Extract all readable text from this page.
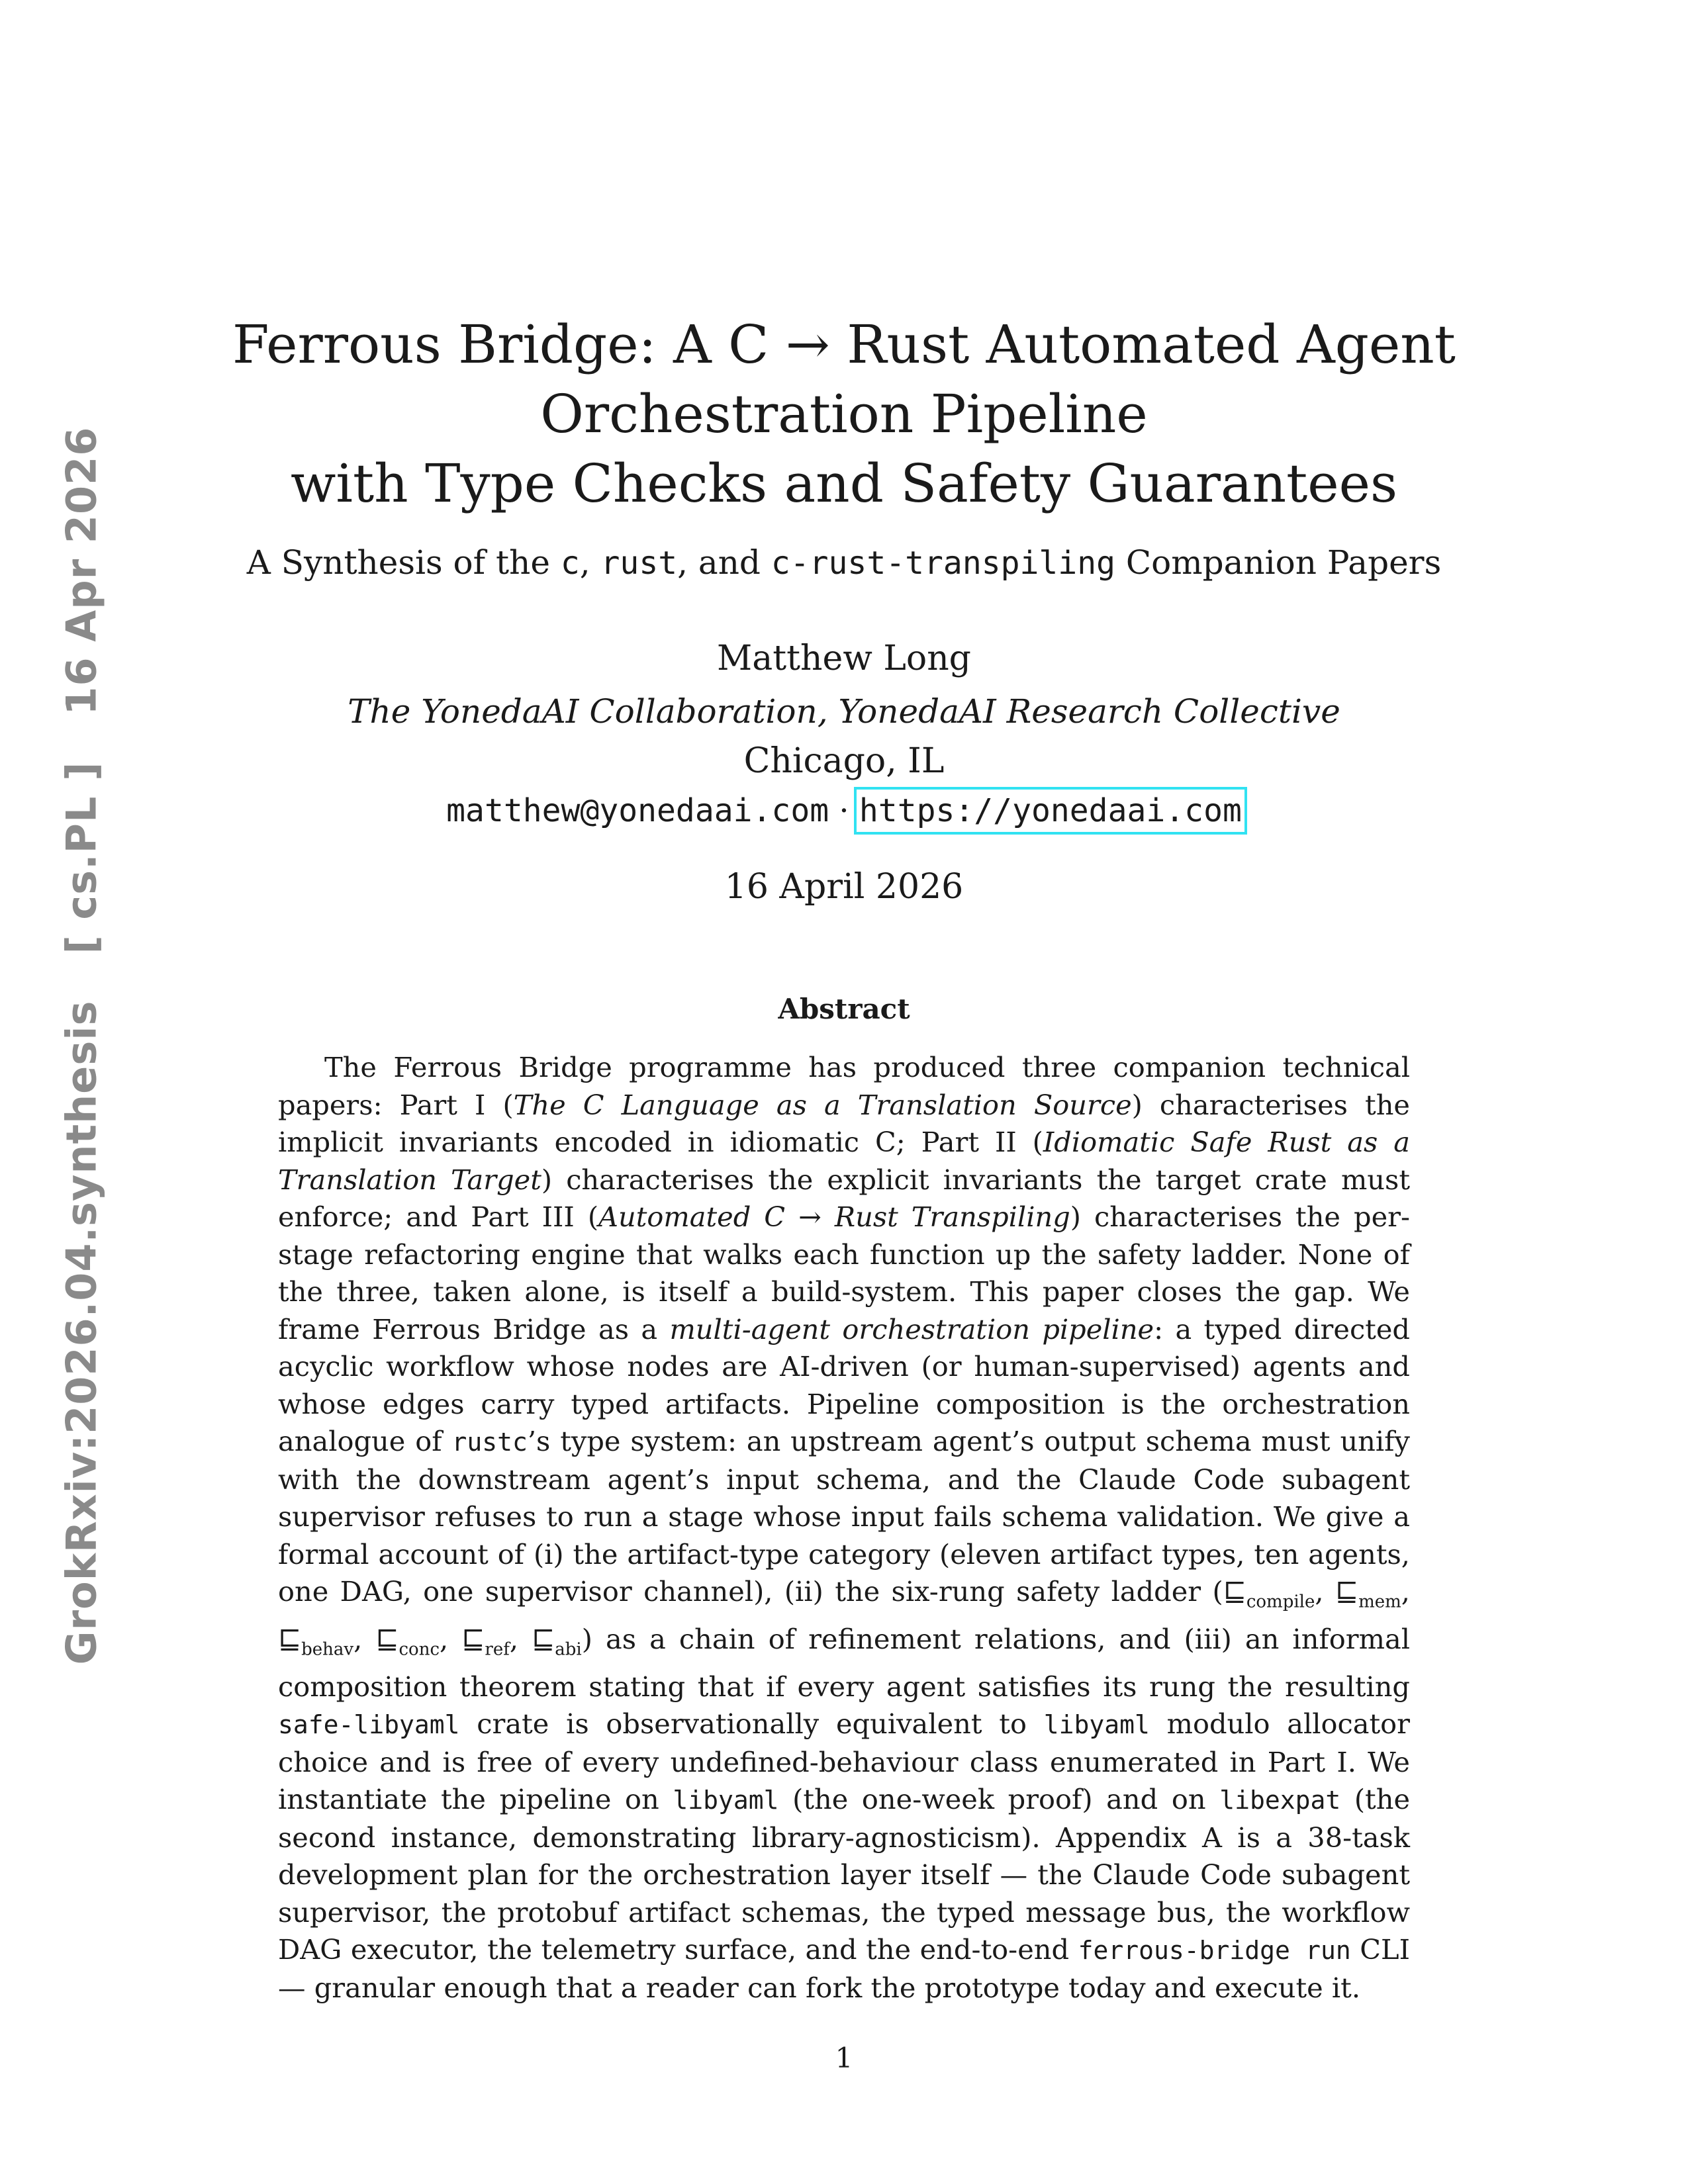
GrokRxiv:2026.04.synthesis[ cs.PL ]16 Apr 2026
Ferrous Bridge: A C → Rust Automated Agent
Orchestration Pipeline
with Type Checks and Safety Guarantees
A Synthesis of the c, rust, and c-rust-transpiling Companion Papers
Matthew Long
The YonedaAI Collaboration, YonedaAI Research Collective
Chicago, IL
matthew@yonedaai.com · https://yonedaai.com
16 April 2026
Abstract

The Ferrous Bridge programme has produced three companion technical papers: Part I (The C Language as a Translation Source) characterises the implicit invariants encoded in idiomatic C; Part II (Idiomatic Safe Rust as a Translation Target) characterises the explicit invariants the target crate must enforce; and Part III (Automated C → Rust Transpiling) characterises the per-stage refactoring engine that walks each function up the safety ladder. None of the three, taken alone, is itself a build-system. This paper closes the gap. We frame Ferrous Bridge as a multi-agent orchestration pipeline: a typed directed acyclic workflow whose nodes are AI-driven (or human-supervised) agents and whose edges carry typed artifacts. Pipeline composition is the orchestration analogue of rustc’s type system: an upstream agent’s output schema must unify with the downstream agent’s input schema, and the Claude Code subagent supervisor refuses to run a stage whose input fails schema validation. We give a formal account of (i) the artifact-type category (eleven artifact types, ten agents, one DAG, one supervisor channel), (ii) the six-rung safety ladder ($⊑_{compile}$, $⊑_{mem}$, $⊑_{behav}$, $⊑_{conc}$, $⊑_{ref}$, $⊑_{abi}$) as a chain of refinement relations, and (iii) an informal composition theorem stating that if every agent satisfies its rung the resulting safe-libyaml crate is observationally equivalent to libyaml modulo allocator choice and is free of every undefined-behaviour class enumerated in Part I. We instantiate the pipeline on libyaml (the one-week proof) and on libexpat (the second instance, demonstrating library-agnosticism). Appendix A is a 38-task development plan for the orchestration layer itself — the Claude Code subagent supervisor, the protobuf artifact schemas, the typed message bus, the workflow DAG executor, the telemetry surface, and the end-to-end ferrous-bridge run CLI — granular enough that a reader can fork the prototype today and execute it.

1
